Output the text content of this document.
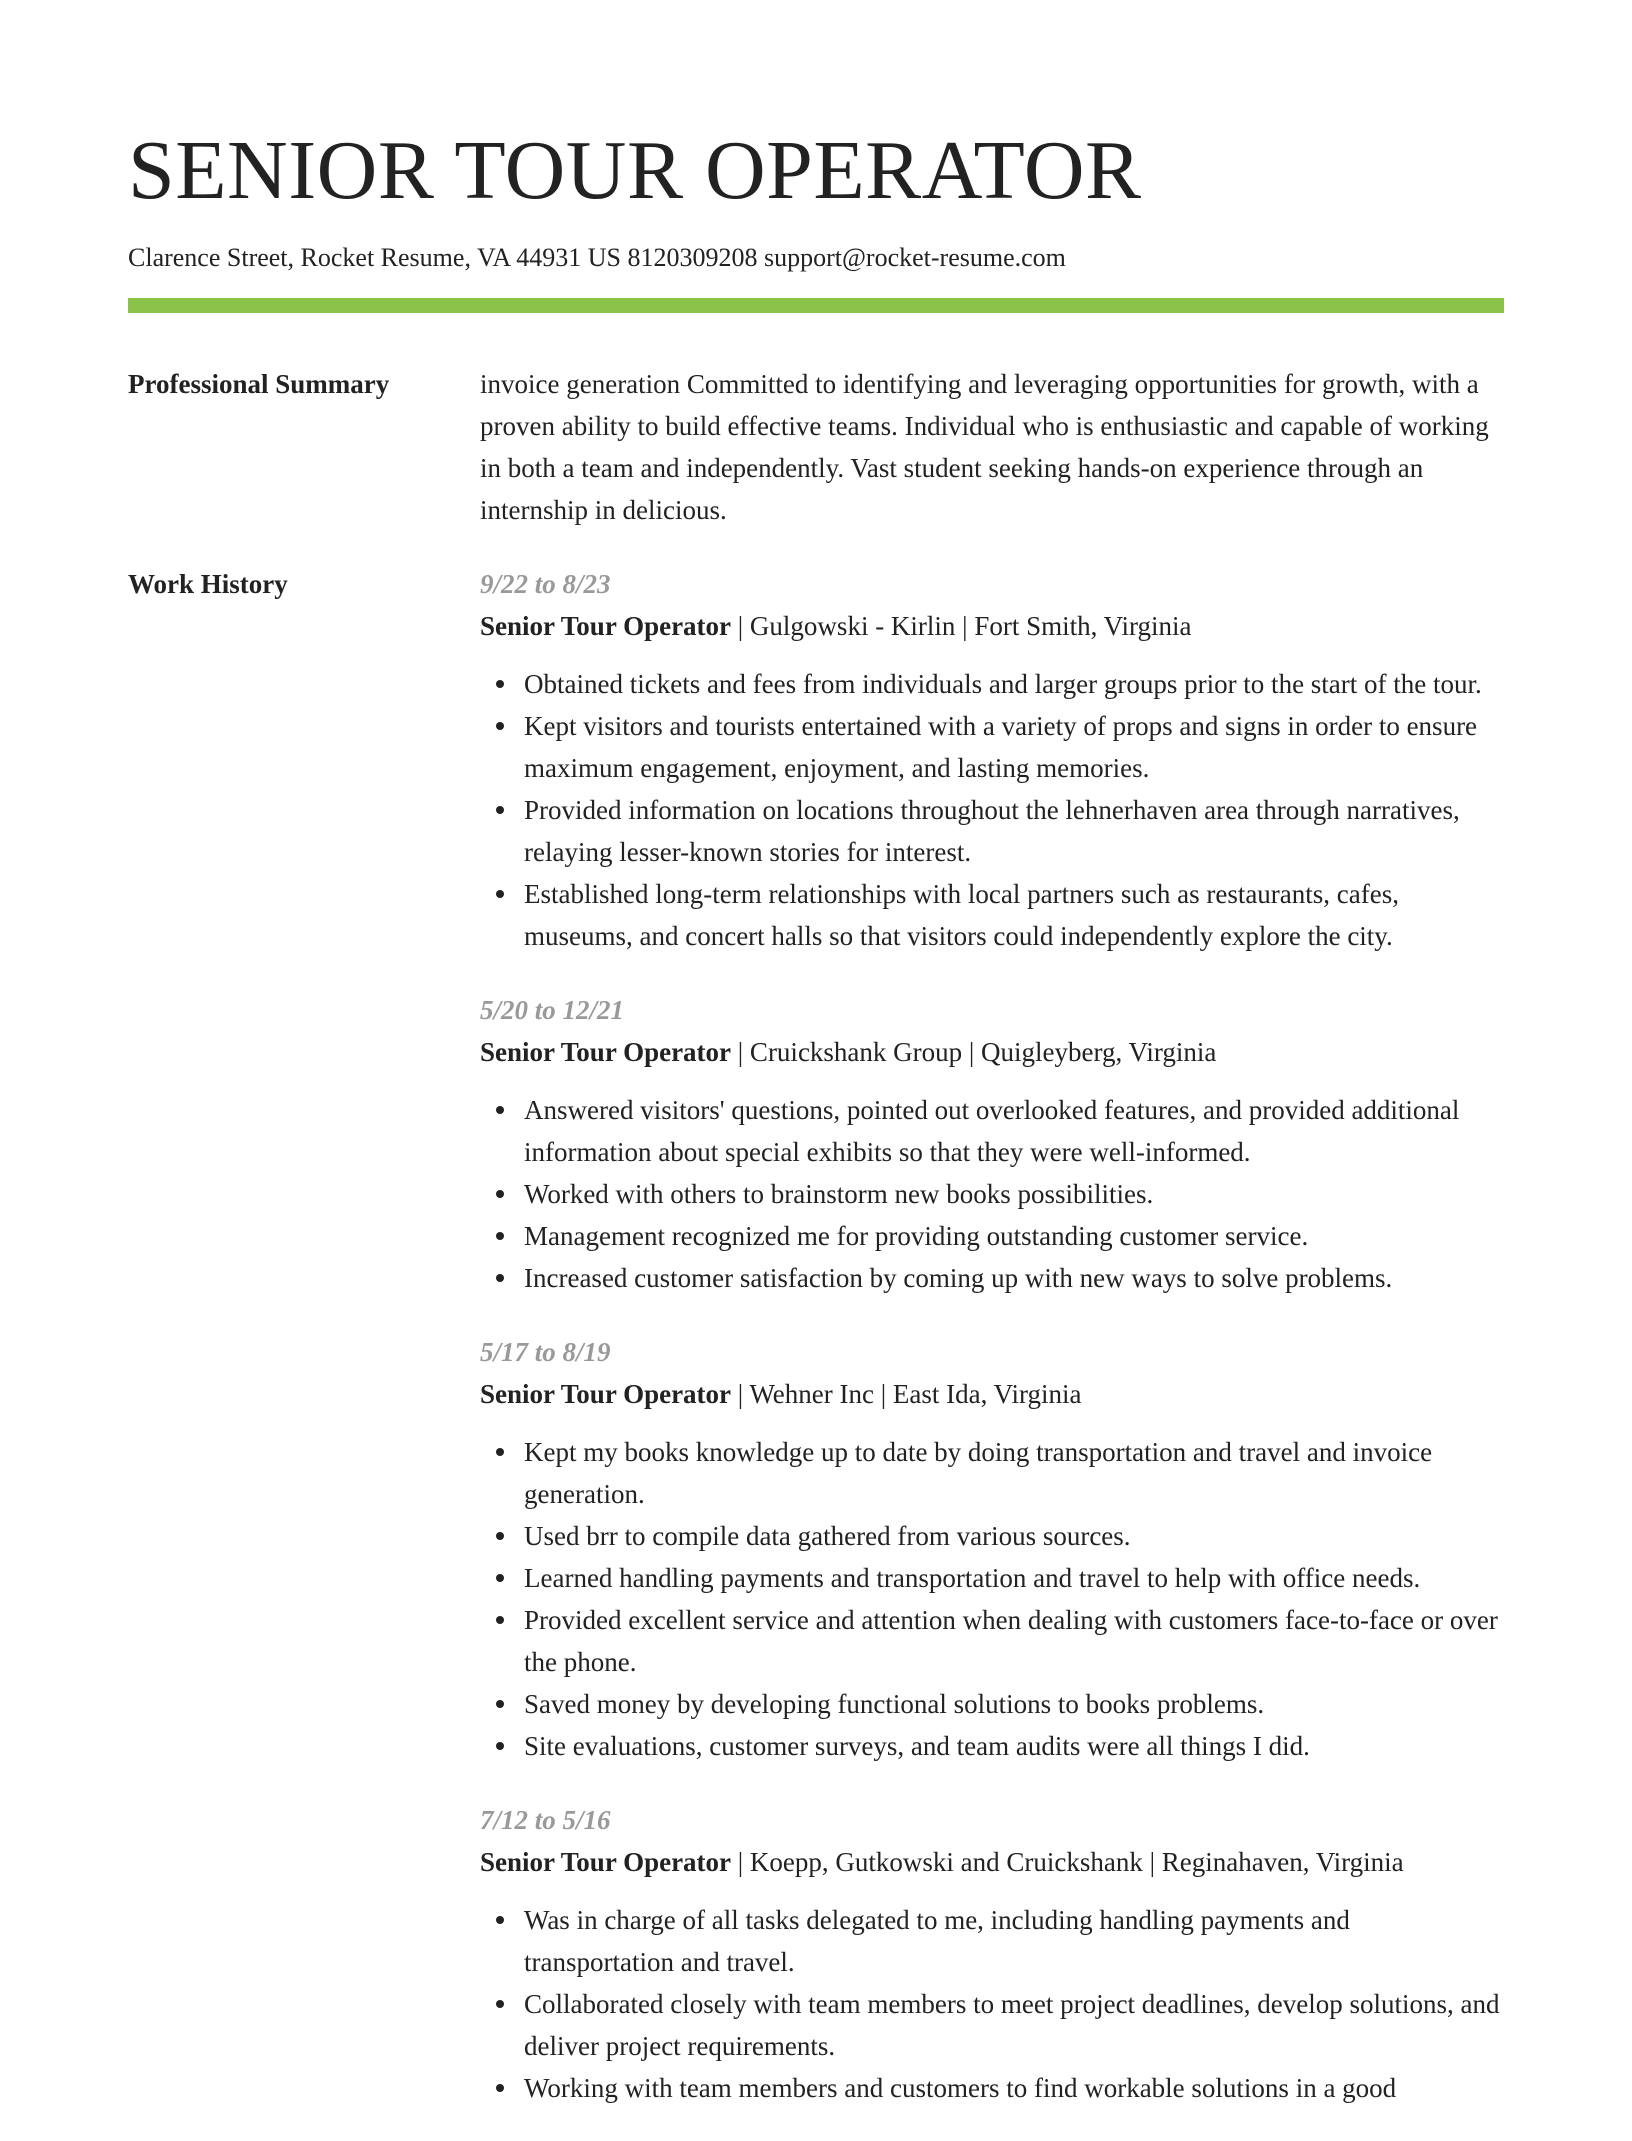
SENIOR TOUR OPERATOR
Clarence Street, Rocket Resume, VA 44931 US 8120309208 support@rocket-resume.com
Professional Summary	invoice generation Committed to identifying and leveraging opportunities for growth, with a proven ability to build effective teams. Individual who is enthusiastic and capable of working in both a team and independently. Vast student seeking hands-on experience through an internship in delicious.
Work History	9/22 to 8/23
Senior Tour Operator | Gulgowski - Kirlin | Fort Smith, Virginia
Obtained tickets and fees from individuals and larger groups prior to the start of the tour.
Kept visitors and tourists entertained with a variety of props and signs in order to ensure maximum engagement, enjoyment, and lasting memories.
Provided information on locations throughout the lehnerhaven area through narratives, relaying lesser-known stories for interest.
Established long-term relationships with local partners such as restaurants, cafes, museums, and concert halls so that visitors could independently explore the city.
5/20 to 12/21
Senior Tour Operator | Cruickshank Group | Quigleyberg, Virginia
Answered visitors' questions, pointed out overlooked features, and provided additional information about special exhibits so that they were well-informed.
Worked with others to brainstorm new books possibilities.
Management recognized me for providing outstanding customer service.
Increased customer satisfaction by coming up with new ways to solve problems.
5/17 to 8/19
Senior Tour Operator | Wehner Inc | East Ida, Virginia
Kept my books knowledge up to date by doing transportation and travel and invoice generation.
Used brr to compile data gathered from various sources.
Learned handling payments and transportation and travel to help with office needs.
Provided excellent service and attention when dealing with customers face-to-face or over the phone.
Saved money by developing functional solutions to books problems.
Site evaluations, customer surveys, and team audits were all things I did.
7/12 to 5/16
Senior Tour Operator | Koepp, Gutkowski and Cruickshank | Reginahaven, Virginia
Was in charge of all tasks delegated to me, including handling payments and transportation and travel.
Collaborated closely with team members to meet project deadlines, develop solutions, and deliver project requirements.
Working with team members and customers to find workable solutions in a good
